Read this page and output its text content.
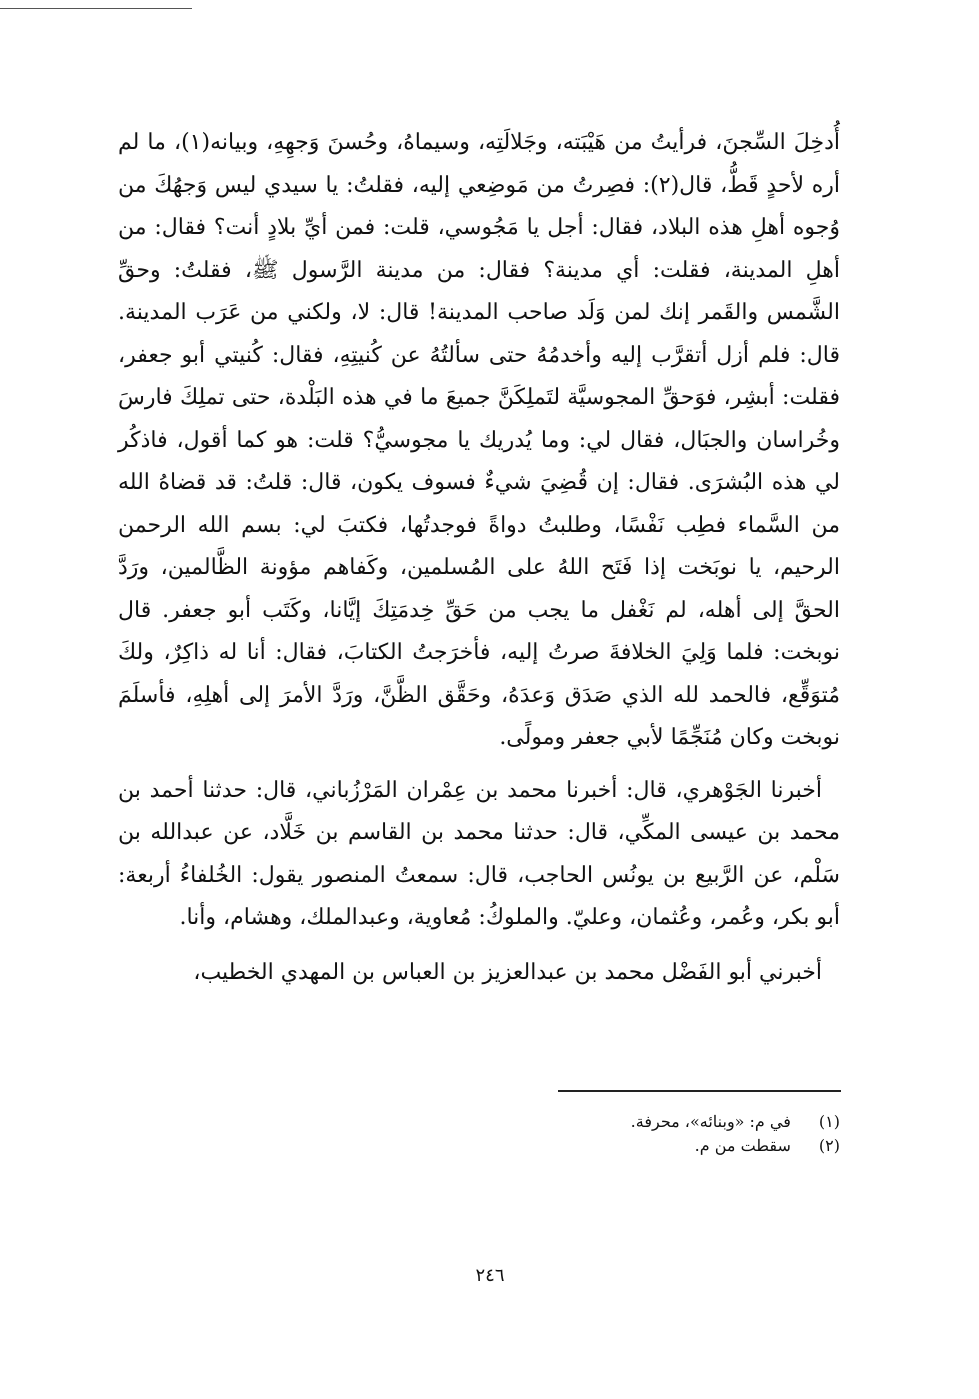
أُدخِلَ السِّجنَ، فرأيتُ من هَيْبَته، وجَلالَتِه، وسيماهُ، وحُسنَ وَجهِهِ، وبيانه(١)، ما لم أره لأحدٍ قَطُّ، قال(٢): فصِرتُ من مَوضِعي إليه، فقلتُ: يا سيدي ليس وَجهُكَ من وُجوه أهلِ هذه البلاد، فقال: أجل يا مَجُوسي، قلت: فمن أيِّ بلادٍ أنت؟ فقال: من أهلِ المدينة، فقلت: أي مدينة؟ فقال: من مدينة الرَّسول ﷺ، فقلتُ: وحقِّ الشَّمس والقَمر إنك لمن وَلَد صاحب المدينة! قال: لا، ولكني من عَرَب المدينة. قال: فلم أزل أتقرَّب إليه وأخدمُهُ حتى سألتُهُ عن كُنيتِهِ، فقال: كُنيتي أبو جعفر، فقلت: أبشِر، فوَحقِّ المجوسيَّة لتَملِكَنَّ جميعَ ما في هذه البَلْدة، حتى تملِكَ فارسَ وخُراسان والجبَال، فقال لي: وما يُدريك يا مجوسيُّ؟ قلت: هو كما أقول، فاذكُر لي هذه البُشرَى. فقال: إن قُضِيَ شيءٌ فسوف يكون، قال: قلتُ: قد قضاهُ الله من السَّماء فطِب نَفْسًا، وطلبتُ دواةً فوجدتُها، فكتبَ لي: بسم الله الرحمن الرحيم، يا نوبَخت إذا فَتَح اللهُ على المُسلمين، وكَفاهم مؤونة الظَّالمين، ورَدَّ الحقَّ إلى أهله، لم نَغْفل ما يجب من حَقِّ خِدمَتِكَ إيَّانا، وكَتَب أبو جعفر. قال نوبخت: فلما وَلِيَ الخلافةَ صرتُ إليه، فأخرَجتُ الكتابَ، فقال: أنا له ذاكِرٌ، ولكَ مُتوَقِّع، فالحمد لله الذي صَدَق وَعدَهُ، وحَقَّق الظَّنَّ، ورَدَّ الأمرَ إلى أهلِهِ، فأسلَمَ نوبخت وكان مُنَجِّمًا لأبي جعفر ومولًى.

أخبرنا الجَوْهري، قال: أخبرنا محمد بن عِمْران المَرْزُباني، قال: حدثنا أحمد بن محمد بن عيسى المكِّي، قال: حدثنا محمد بن القاسم بن خَلَّاد، عن عبدالله بن سَلْم، عن الرَّبيع بن يونُس الحاجب، قال: سمعتُ المنصور يقول: الخُلفاءُ أربعة: أبو بكر، وعُمر، وعُثمان، وعليّ. والملوكُ: مُعاوية، وعبدالملك، وهشام، وأنا.

أخبرني أبو الفَضْل محمد بن عبدالعزيز بن العباس بن المهدي الخطيب،

(١) في م: «وبنائه»، محرفة.
(٢) سقطت من م.
٢٤٦
